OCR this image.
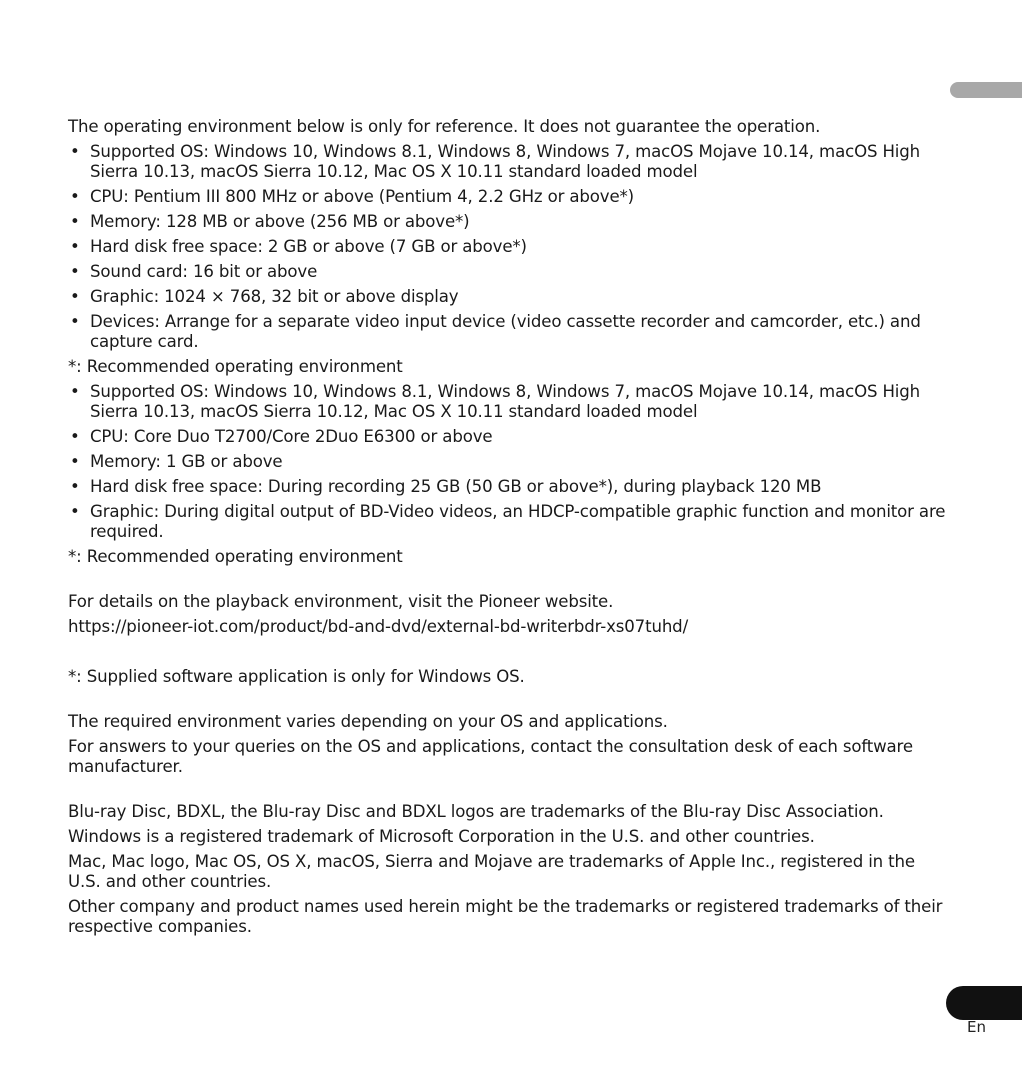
The operating environment below is only for reference. It does not guarantee the operation.

• Supported OS: Windows 10, Windows 8.1, Windows 8, Windows 7, macOS Mojave 10.14, macOS High Sierra 10.13, macOS Sierra 10.12, Mac OS X 10.11 standard loaded model
• CPU: Pentium III 800 MHz or above (Pentium 4, 2.2 GHz or above*)
• Memory: 128 MB or above (256 MB or above*)
• Hard disk free space: 2 GB or above (7 GB or above*)
• Sound card: 16 bit or above
• Graphic: 1024 × 768, 32 bit or above display
• Devices: Arrange for a separate video input device (video cassette recorder and camcorder, etc.) and capture card.

*: Recommended operating environment

• Supported OS: Windows 10, Windows 8.1, Windows 8, Windows 7, macOS Mojave 10.14, macOS High Sierra 10.13, macOS Sierra 10.12, Mac OS X 10.11 standard loaded model
• CPU: Core Duo T2700/Core 2Duo E6300 or above
• Memory: 1 GB or above
• Hard disk free space: During recording 25 GB (50 GB or above*), during playback 120 MB
• Graphic: During digital output of BD-Video videos, an HDCP-compatible graphic function and monitor are required.

*: Recommended operating environment

For details on the playback environment, visit the Pioneer website.

https://pioneer-iot.com/product/bd-and-dvd/external-bd-writerbdr-xs07tuhd/

*: Supplied software application is only for Windows OS.

The required environment varies depending on your OS and applications.

For answers to your queries on the OS and applications, contact the consultation desk of each software manufacturer.

Blu-ray Disc, BDXL, the Blu-ray Disc and BDXL logos are trademarks of the Blu-ray Disc Association.

Windows is a registered trademark of Microsoft Corporation in the U.S. and other countries.

Mac, Mac logo, Mac OS, OS X, macOS, Sierra and Mojave are trademarks of Apple Inc., registered in the U.S. and other countries.

Other company and product names used herein might be the trademarks or registered trademarks of their respective companies.

En
